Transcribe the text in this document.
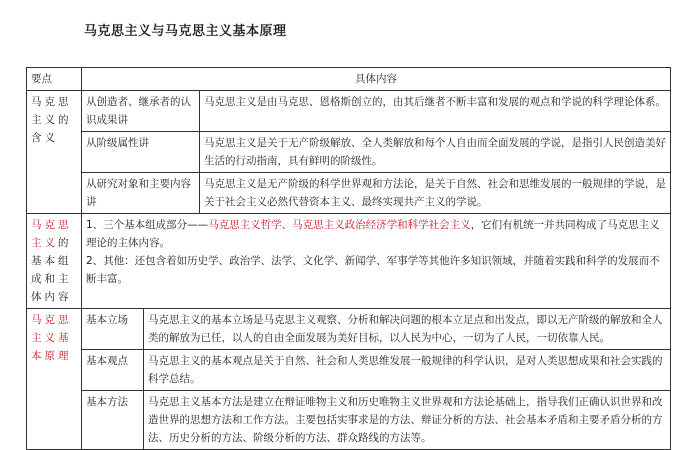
马克思主义与马克思主义基本原理
要点	具体内容		
马克思主义的含义	从创造者、继承者的认识成果讲		马克思主义是由马克思、恩格斯创立的，由其后继者不断丰富和发展的观点和学说的科学理论体系。
	从阶级属性讲		马克思主义是关于无产阶级解放、全人类解放和每个人自由而全面发展的学说，是指引人民创造美好生活的行动指南，具有鲜明的阶级性。
	从研究对象和主要内容讲		马克思主义是无产阶级的科学世界观和方法论，是关于自然、社会和思维发展的一般规律的学说，是关于社会主义必然代替资本主义、最终实现共产主义的学说。
马克思主义的基本组成和主体内容	1、三个基本组成部分——马克思主义哲学、马克思主义政治经济学和科学社会主义，它们有机统一并共同构成了马克思主义理论的主体内容。
2、其他：还包含着如历史学、政治学、法学、文化学、新闻学、军事学等其他许多知识领域，并随着实践和科学的发展而不断丰富。		

马克思主义基本原理	基本立场	马克思主义的基本立场是马克思主义观察、分析和解决问题的根本立足点和出发点，即以无产阶级的解放和全人类的解放为已任，以人的自由全面发展为美好目标，以人民为中心，一切为了人民，一切依靠人民。	
	基本观点	马克思主义的基本观点是关于自然、社会和人类思维发展一般规律的科学认识，是对人类思想成果和社会实践的科学总结。	
	基本方法	马克思主义基本方法是建立在辩证唯物主义和历史唯物主义世界观和方法论基础上，指导我们正确认识世界和改造世界的思想方法和工作方法。主要包括实事求是的方法、辩证分析的方法、社会基本矛盾和主要矛盾分析的方法、历史分析的方法、阶级分析的方法、群众路线的方法等。	
